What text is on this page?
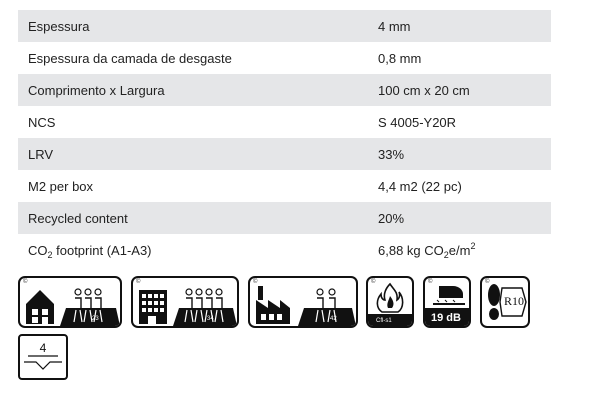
Espessura	4 mm
Espessura da camada de desgaste	0,8 mm
Comprimento x Largura	100 cm x 20 cm
NCS	S 4005-Y20R
LRV	33%
M2 per box	4,4 m2 (22 pc)
Recycled content	20%
$CO_2$ footprint (A1-A3)	6,88 kg $CO_2e/m^2$
©
23
©
34
©
42
©
Cfl-s1
©
19 dB
©
R10
4
